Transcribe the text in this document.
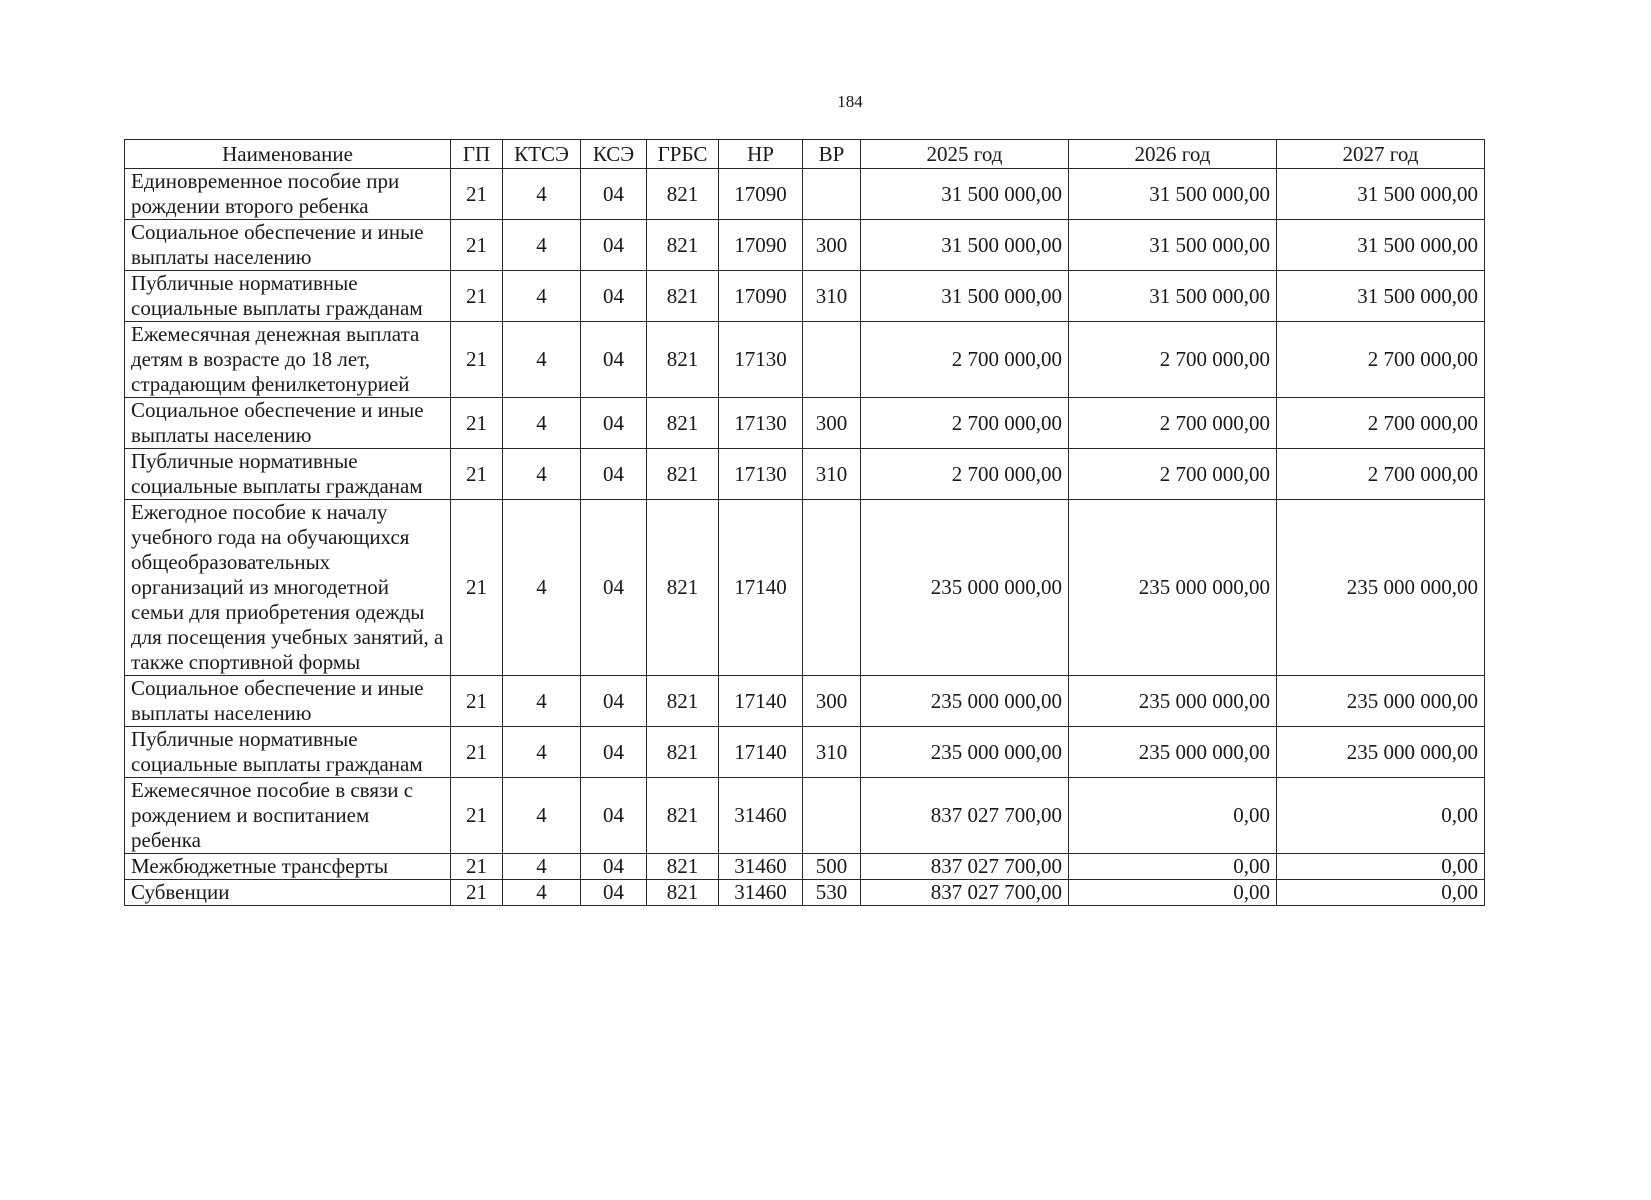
184
Наименование	ГП	КТСЭ	КСЭ	ГРБС	НР	ВР	2025 год	2026 год	2027 год
Единовременное пособие при рождении второго ребенка	21	4	04	821	17090		31 500 000,00	31 500 000,00	31 500 000,00
Социальное обеспечение и иные выплаты населению	21	4	04	821	17090	300	31 500 000,00	31 500 000,00	31 500 000,00
Публичные нормативные социальные выплаты гражданам	21	4	04	821	17090	310	31 500 000,00	31 500 000,00	31 500 000,00
Ежемесячная денежная выплата детям в возрасте до 18 лет, страдающим фенилкетонурией	21	4	04	821	17130		2 700 000,00	2 700 000,00	2 700 000,00
Социальное обеспечение и иные выплаты населению	21	4	04	821	17130	300	2 700 000,00	2 700 000,00	2 700 000,00
Публичные нормативные социальные выплаты гражданам	21	4	04	821	17130	310	2 700 000,00	2 700 000,00	2 700 000,00
Ежегодное пособие к началу учебного года на обучающихся общеобразовательных организаций из многодетной семьи для приобретения одежды для посещения учебных занятий, а также спортивной формы	21	4	04	821	17140		235 000 000,00	235 000 000,00	235 000 000,00
Социальное обеспечение и иные выплаты населению	21	4	04	821	17140	300	235 000 000,00	235 000 000,00	235 000 000,00
Публичные нормативные социальные выплаты гражданам	21	4	04	821	17140	310	235 000 000,00	235 000 000,00	235 000 000,00
Ежемесячное пособие в связи с рождением и воспитанием ребенка	21	4	04	821	31460		837 027 700,00	0,00	0,00
Межбюджетные трансферты	21	4	04	821	31460	500	837 027 700,00	0,00	0,00
Субвенции	21	4	04	821	31460	530	837 027 700,00	0,00	0,00
